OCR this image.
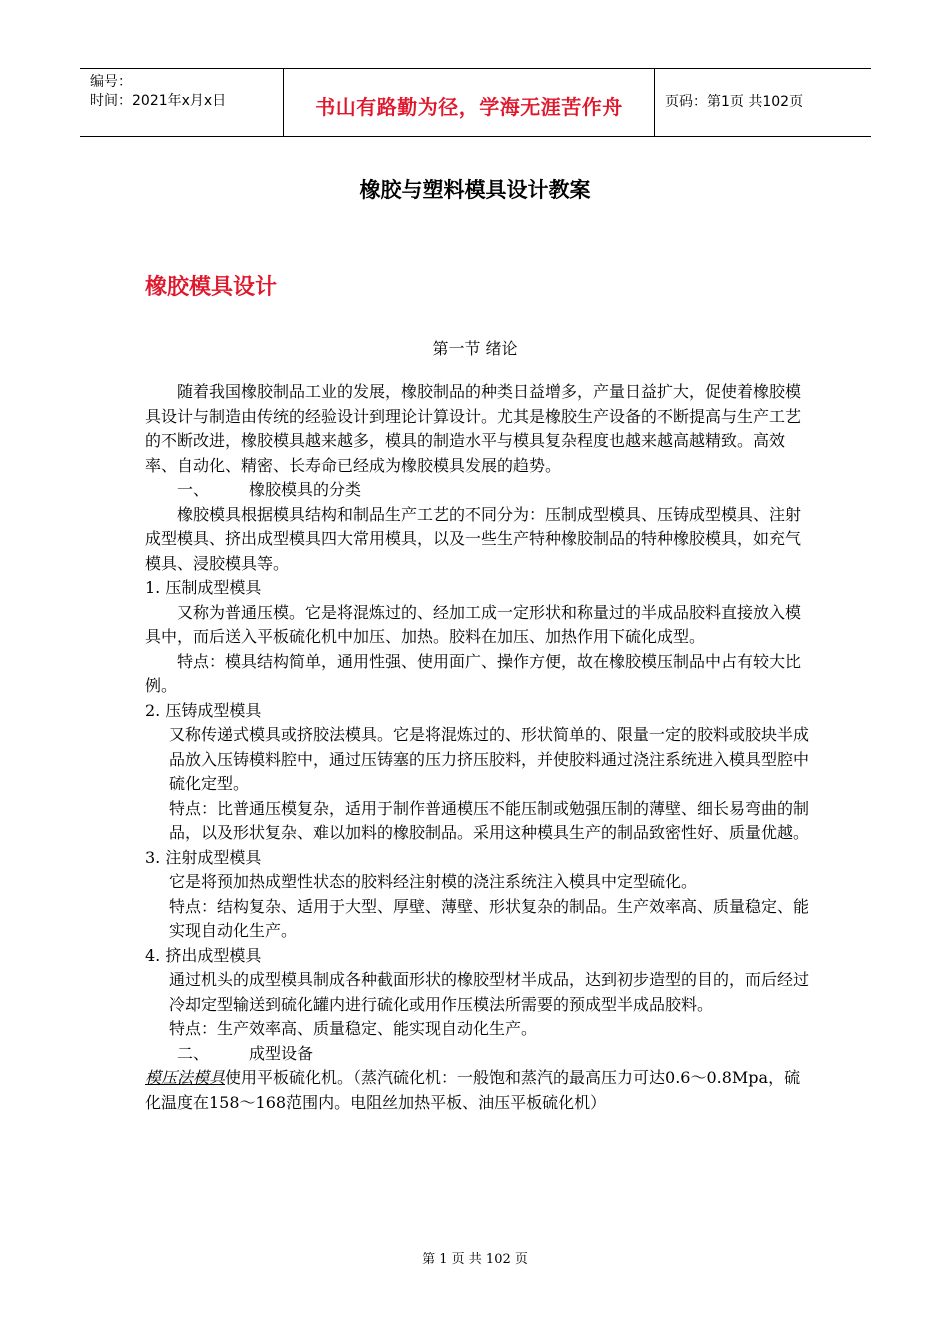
编号：
时间：2021年x月x日	书山有路勤为径，学海无涯苦作舟	页码：第1页 共102页
橡胶与塑料模具设计教案
橡胶模具设计
第一节 绪论

随着我国橡胶制品工业的发展，橡胶制品的种类日益增多，产量日益扩大，促使着橡胶模具设计与制造由传统的经验设计到理论计算设计。尤其是橡胶生产设备的不断提高与生产工艺的不断改进，橡胶模具越来越多，模具的制造水平与模具复杂程度也越来越高越精致。高效率、自动化、精密、长寿命已经成为橡胶模具发展的趋势。

一、	橡胶模具的分类

橡胶模具根据模具结构和制品生产工艺的不同分为：压制成型模具、压铸成型模具、注射成型模具、挤出成型模具四大常用模具，以及一些生产特种橡胶制品的特种橡胶模具，如充气模具、浸胶模具等。

1. 压制成型模具

又称为普通压模。它是将混炼过的、经加工成一定形状和称量过的半成品胶料直接放入模具中，而后送入平板硫化机中加压、加热。胶料在加压、加热作用下硫化成型。

特点：模具结构简单，通用性强、使用面广、操作方便，故在橡胶模压制品中占有较大比例。

2. 压铸成型模具

又称传递式模具或挤胶法模具。它是将混炼过的、形状简单的、限量一定的胶料或胶块半成品放入压铸模料腔中，通过压铸塞的压力挤压胶料，并使胶料通过浇注系统进入模具型腔中硫化定型。

特点：比普通压模复杂，适用于制作普通模压不能压制或勉强压制的薄壁、细长易弯曲的制品，以及形状复杂、难以加料的橡胶制品。采用这种模具生产的制品致密性好、质量优越。

3. 注射成型模具

它是将预加热成塑性状态的胶料经注射模的浇注系统注入模具中定型硫化。

特点：结构复杂、适用于大型、厚壁、薄壁、形状复杂的制品。生产效率高、质量稳定、能实现自动化生产。

4. 挤出成型模具

通过机头的成型模具制成各种截面形状的橡胶型材半成品，达到初步造型的目的，而后经过冷却定型输送到硫化罐内进行硫化或用作压模法所需要的预成型半成品胶料。

特点：生产效率高、质量稳定、能实现自动化生产。

二、	成型设备

模压法模具使用平板硫化机。（蒸汽硫化机：一般饱和蒸汽的最高压力可达0.6～0.8Mpa，硫化温度在158～168范围内。电阻丝加热平板、油压平板硫化机）

第 1 页 共 102 页
